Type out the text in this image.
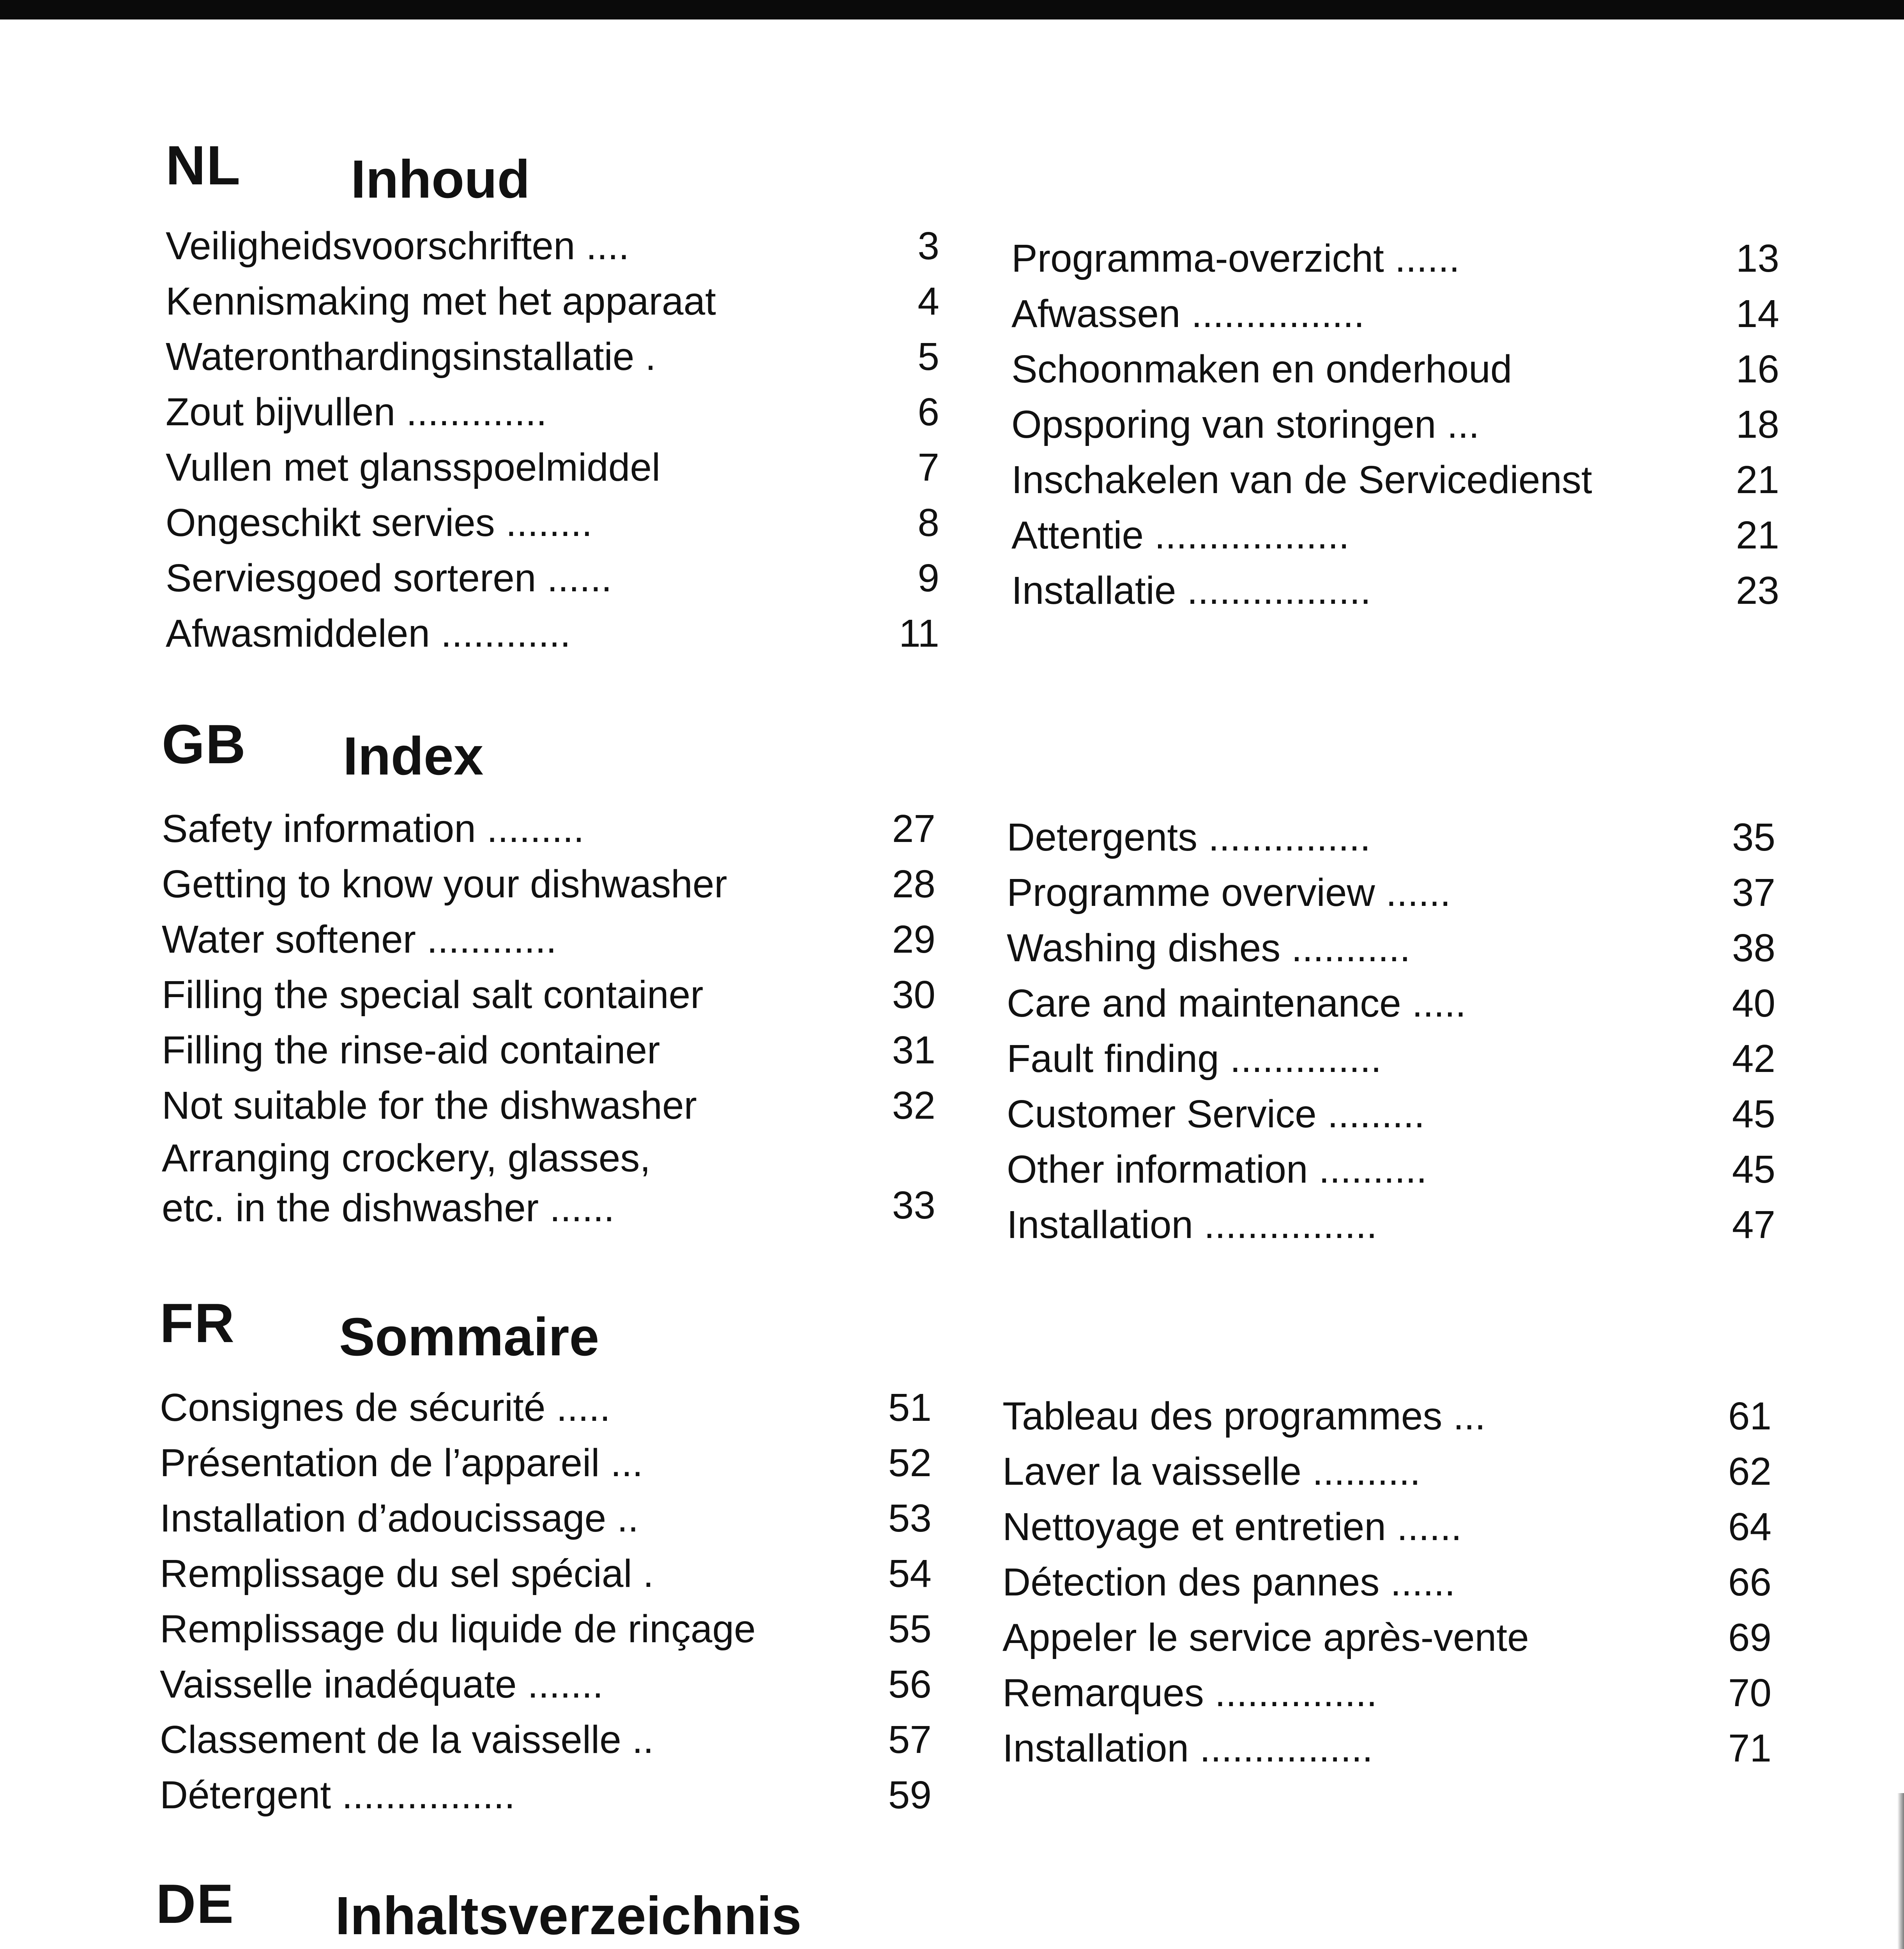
NL Inhoud
Veiligheidsvoorschriften ....	3
Kennismaking met het apparaat	4
Wateronthardingsinstallatie .	5
Zout bijvullen .............	6
Vullen met glansspoelmiddel	7
Ongeschikt servies ........	8
Serviesgoed sorteren ......	9
Afwasmiddelen ............	11
Programma-overzicht ......	13
Afwassen ................	14
Schoonmaken en onderhoud	16
Opsporing van storingen ...	18
Inschakelen van de Servicedienst	21
Attentie ..................	21
Installatie .................	23
GB Index
Safety information .........	27
Getting to know your dishwasher	28
Water softener ............	29
Filling the special salt container	30
Filling the rinse-aid container	31
Not suitable for the dishwasher	32
Arranging crockery, glasses,
etc. in the dishwasher ......	33
Detergents ...............	35
Programme overview ......	37
Washing dishes ...........	38
Care and maintenance .....	40
Fault finding ..............	42
Customer Service .........	45
Other information ..........	45
Installation ................	47
FR Sommaire
Consignes de sécurité .....	51
Présentation de l’appareil ...	52
Installation d’adoucissage ..	53
Remplissage du sel spécial .	54
Remplissage du liquide de rinçage	55
Vaisselle inadéquate .......	56
Classement de la vaisselle ..	57
Détergent ................	59
Tableau des programmes ...	61
Laver la vaisselle ..........	62
Nettoyage et entretien ......	64
Détection des pannes ......	66
Appeler le service après-vente	69
Remarques ...............	70
Installation ................	71
DE Inhaltsverzeichnis
